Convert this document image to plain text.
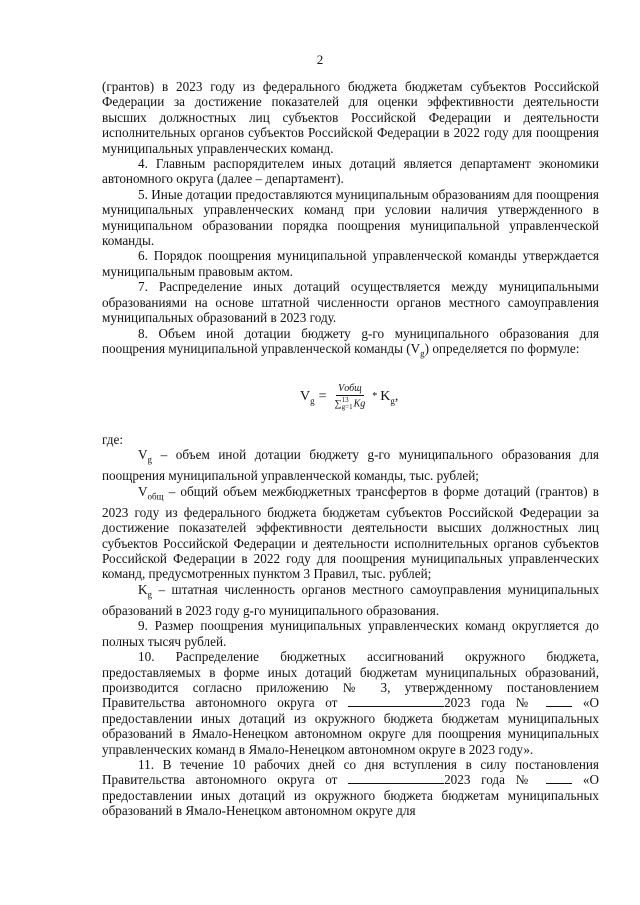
2

(грантов) в 2023 году из федерального бюджета бюджетам субъектов Российской Федерации за достижение показателей для оценки эффективности деятельности высших должностных лиц субъектов Российской Федерации и деятельности исполнительных органов субъектов Российской Федерации в 2022 году для поощрения муниципальных управленческих команд.

4. Главным распорядителем иных дотаций является департамент экономики автономного округа (далее – департамент).

5. Иные дотации предоставляются муниципальным образованиям для поощрения муниципальных управленческих команд при условии наличия утвержденного в муниципальном образовании порядка поощрения муниципальной управленческой команды.

6. Порядок поощрения муниципальной управленческой команды утверждается муниципальным правовым актом.

7. Распределение иных дотаций осуществляется между муниципальными образованиями на основе штатной численности органов местного самоуправления муниципальных образований в 2023 году.

8. Объем иной дотации бюджету g-го муниципального образования для поощрения муниципальной управленческой команды $(V_g)$ определяется по формуле:

$V_g$ = Vобщ
∑ 13
g=1 Kg * $K_g$,

где:

$V_g$ – объем иной дотации бюджету g-го муниципального образования для поощрения муниципальной управленческой команды, тыс. рублей;

$V_{общ}$ – общий объем межбюджетных трансфертов в форме дотаций (грантов) в 2023 году из федерального бюджета бюджетам субъектов Российской Федерации за достижение показателей эффективности деятельности высших должностных лиц субъектов Российской Федерации и деятельности исполнительных органов субъектов Российской Федерации в 2022 году для поощрения муниципальных управленческих команд, предусмотренных пунктом 3 Правил, тыс. рублей;

$K_g$ – штатная численность органов местного самоуправления муниципальных образований в 2023 году g-го муниципального образования.

9. Размер поощрения муниципальных управленческих команд округляется до полных тысяч рублей.

10. Распределение бюджетных ассигнований окружного бюджета, предоставляемых в форме иных дотаций бюджетам муниципальных образований, производится согласно приложению № 3, утвержденному постановлением Правительства автономного округа от	2023 года №  «О предоставлении иных дотаций из окружного бюджета бюджетам муниципальных образований в Ямало-Ненецком автономном округе для поощрения муниципальных управленческих команд в Ямало-Ненецком автономном округе в 2023 году».

11. В течение 10 рабочих дней со дня вступления в силу постановления Правительства автономного округа от	2023 года №  «О предоставлении иных дотаций из окружного бюджета бюджетам муниципальных образований в Ямало-Ненецком автономном округе для
